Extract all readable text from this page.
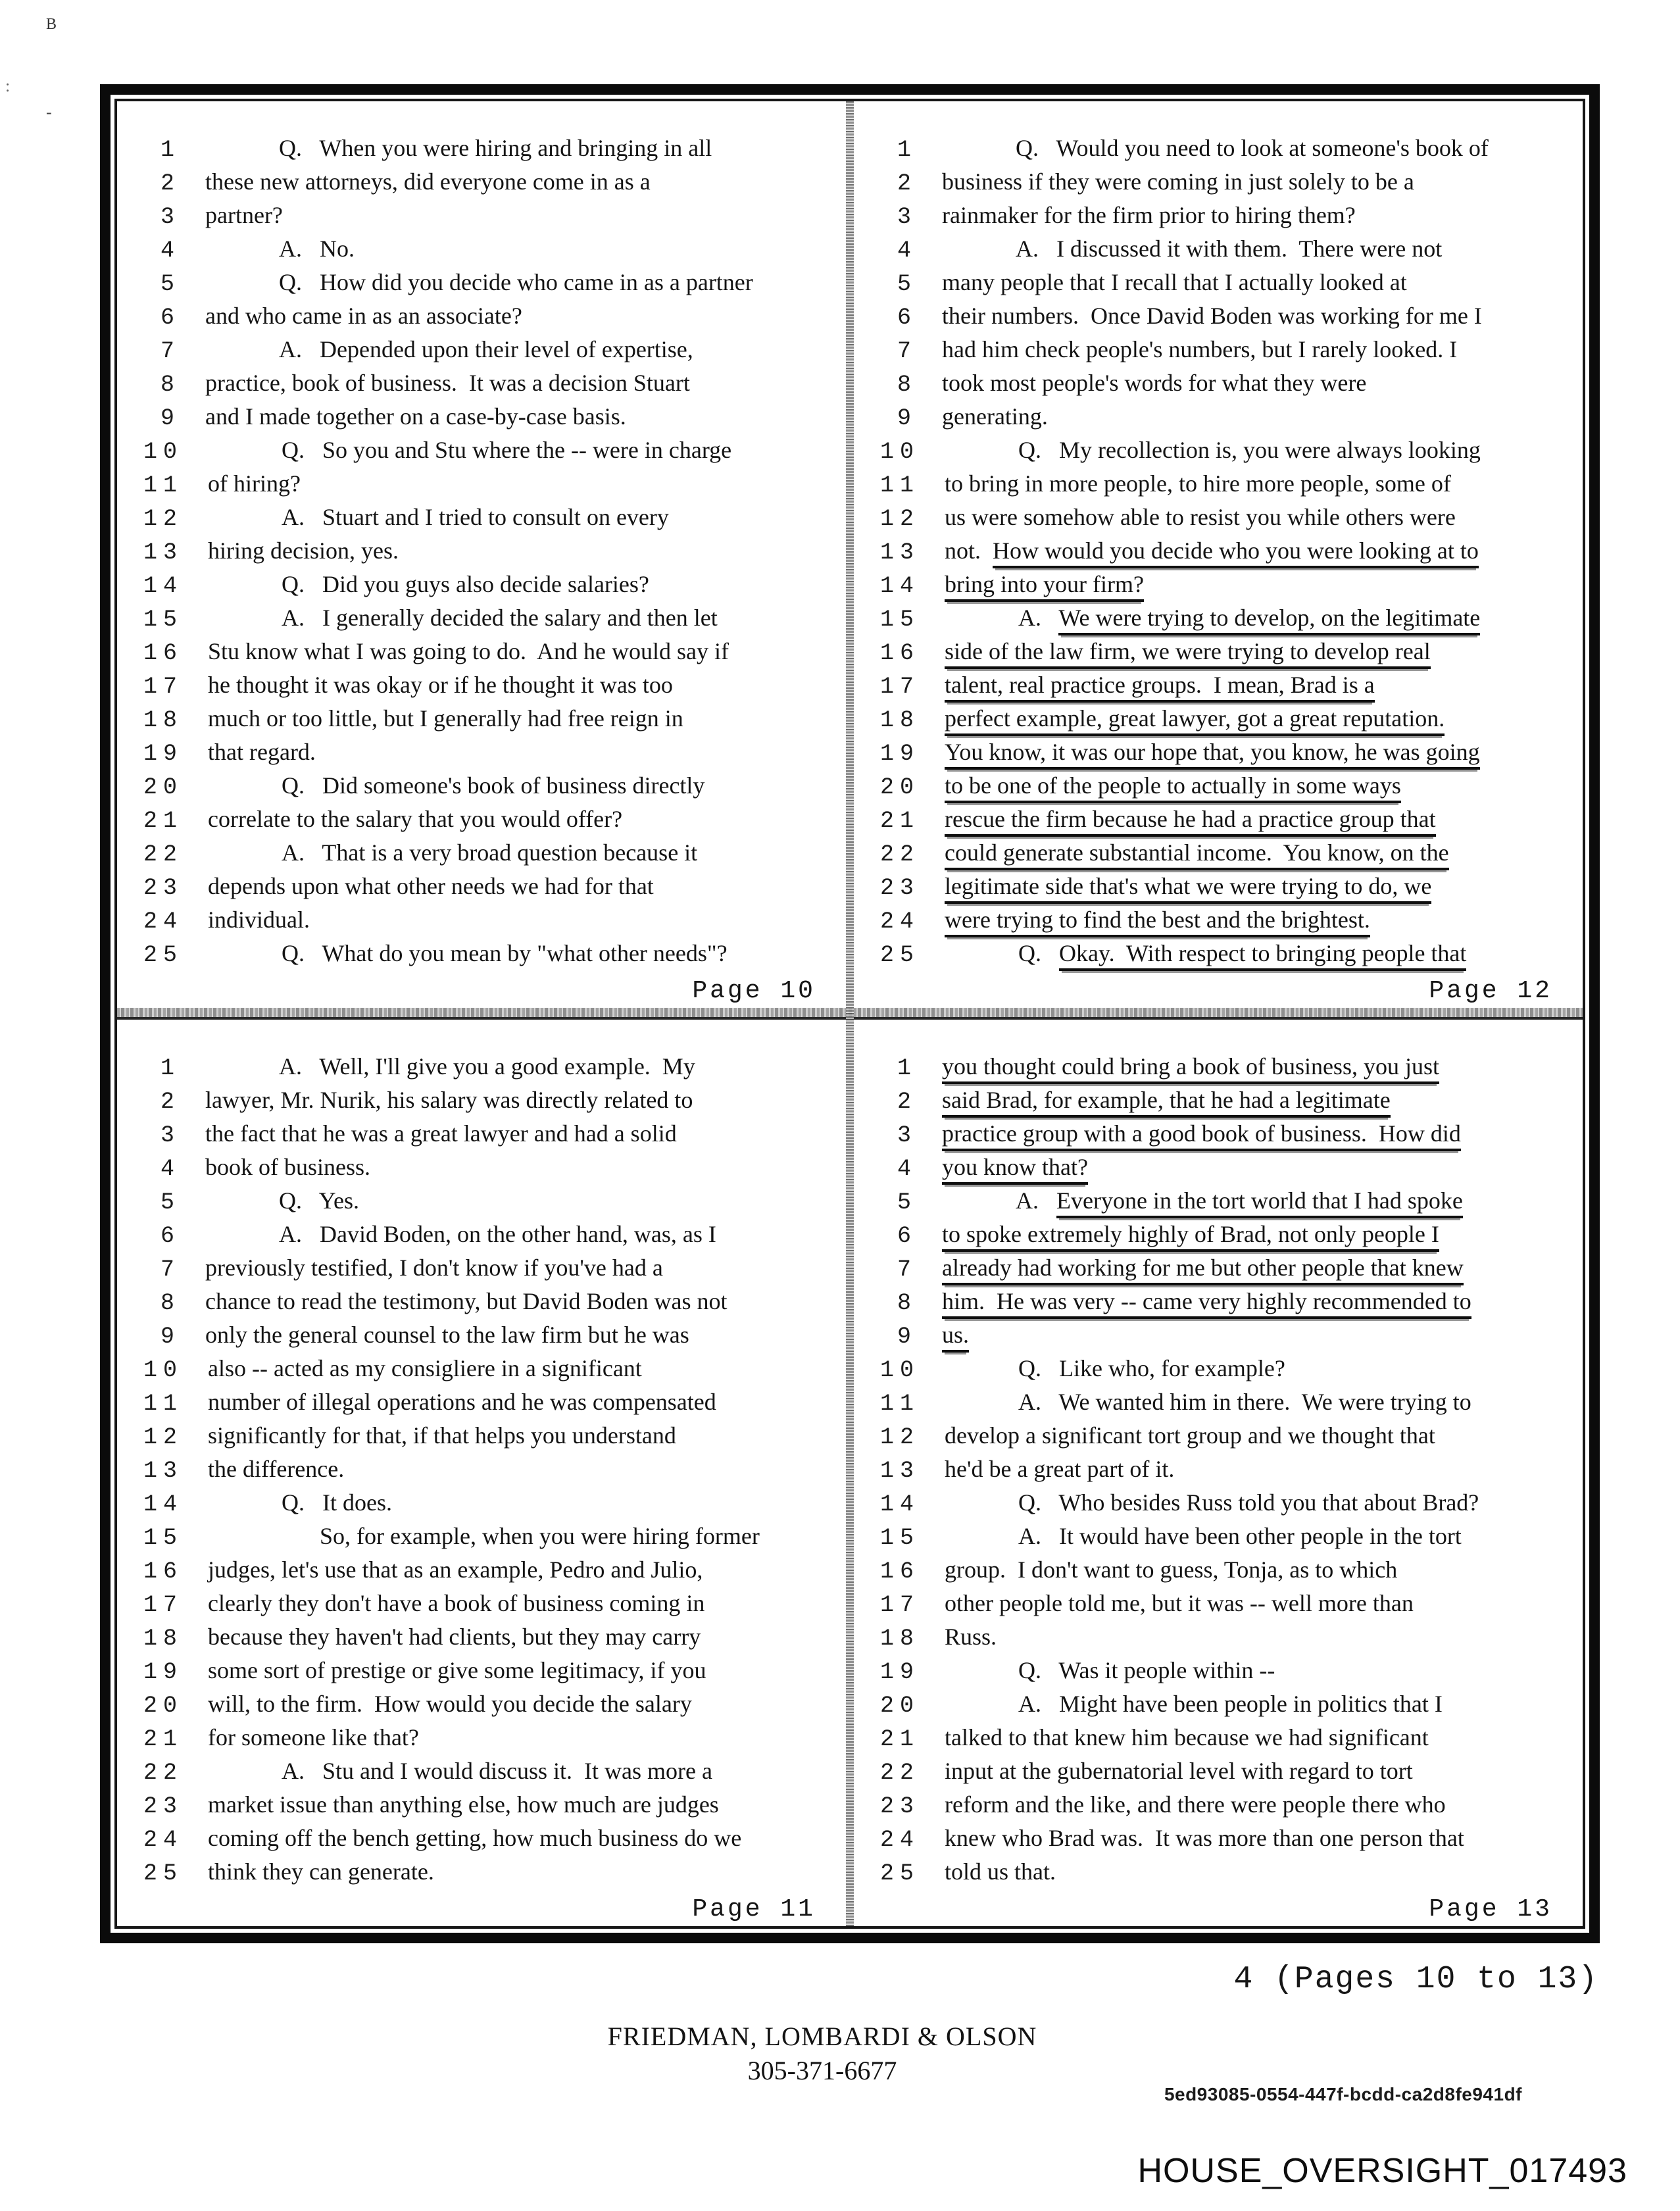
B
:
-
1	Q.   When you were hiring and bringing in all
2 these new attorneys, did everyone come in as a
3 partner?
4	A.   No.
5	Q.   How did you decide who came in as a partner
6 and who came in as an associate?
7	A.   Depended upon their level of expertise,
8 practice, book of business.  It was a decision Stuart
9 and I made together on a case-by-case basis.
10	Q.   So you and Stu where the -- were in charge
11 of hiring?
12	A.   Stuart and I tried to consult on every
13 hiring decision, yes.
14	Q.   Did you guys also decide salaries?
15	A.   I generally decided the salary and then let
16 Stu know what I was going to do.  And he would say if
17 he thought it was okay or if he thought it was too
18 much or too little, but I generally had free reign in
19 that regard.
20	Q.   Did someone's book of business directly
21 correlate to the salary that you would offer?
22	A.   That is a very broad question because it
23 depends upon what other needs we had for that
24 individual.
25	Q.   What do you mean by "what other needs"?
Page 10
1	Q.   Would you need to look at someone's book of
2 business if they were coming in just solely to be a
3 rainmaker for the firm prior to hiring them?
4	A.   I discussed it with them.  There were not
5 many people that I recall that I actually looked at
6 their numbers.  Once David Boden was working for me I
7 had him check people's numbers, but I rarely looked. I
8 took most people's words for what they were
9 generating.
10	Q.   My recollection is, you were always looking
11 to bring in more people, to hire more people, some of
12 us were somehow able to resist you while others were
13 not.  How would you decide who you were looking at to
14 bring into your firm?
15	A.   We were trying to develop, on the legitimate
16 side of the law firm, we were trying to develop real
17 talent, real practice groups.  I mean, Brad is a
18 perfect example, great lawyer, got a great reputation.
19 You know, it was our hope that, you know, he was going
20 to be one of the people to actually in some ways
21 rescue the firm because he had a practice group that
22 could generate substantial income.  You know, on the
23 legitimate side that's what we were trying to do, we
24 were trying to find the best and the brightest.
25	Q.   Okay.  With respect to bringing people that
Page 12
1	A.   Well, I'll give you a good example.  My
2 lawyer, Mr. Nurik, his salary was directly related to
3 the fact that he was a great lawyer and had a solid
4 book of business.
5	Q.   Yes.
6	A.   David Boden, on the other hand, was, as I
7 previously testified, I don't know if you've had a
8 chance to read the testimony, but David Boden was not
9 only the general counsel to the law firm but he was
10 also -- acted as my consigliere in a significant
11 number of illegal operations and he was compensated
12 significantly for that, if that helps you understand
13 the difference.
14	Q.   It does.
15	So, for example, when you were hiring former
16 judges, let's use that as an example, Pedro and Julio,
17 clearly they don't have a book of business coming in
18 because they haven't had clients, but they may carry
19 some sort of prestige or give some legitimacy, if you
20 will, to the firm.  How would you decide the salary
21 for someone like that?
22	A.   Stu and I would discuss it.  It was more a
23 market issue than anything else, how much are judges
24 coming off the bench getting, how much business do we
25 think they can generate.
Page 11
1 you thought could bring a book of business, you just
2 said Brad, for example, that he had a legitimate
3 practice group with a good book of business.  How did
4 you know that?
5	A.   Everyone in the tort world that I had spoke
6 to spoke extremely highly of Brad, not only people I
7 already had working for me but other people that knew
8 him.  He was very -- came very highly recommended to
9 us.
10	Q.   Like who, for example?
11	A.   We wanted him in there.  We were trying to
12 develop a significant tort group and we thought that
13 he'd be a great part of it.
14	Q.   Who besides Russ told you that about Brad?
15	A.   It would have been other people in the tort
16 group.  I don't want to guess, Tonja, as to which
17 other people told me, but it was -- well more than
18 Russ.
19	Q.   Was it people within --
20	A.   Might have been people in politics that I
21 talked to that knew him because we had significant
22 input at the gubernatorial level with regard to tort
23 reform and the like, and there were people there who
24 knew who Brad was.  It was more than one person that
25 told us that.
Page 13
4 (Pages 10 to 13)
FRIEDMAN, LOMBARDI & OLSON
305-371-6677
5ed93085-0554-447f-bcdd-ca2d8fe941df
HOUSE_OVERSIGHT_017493
